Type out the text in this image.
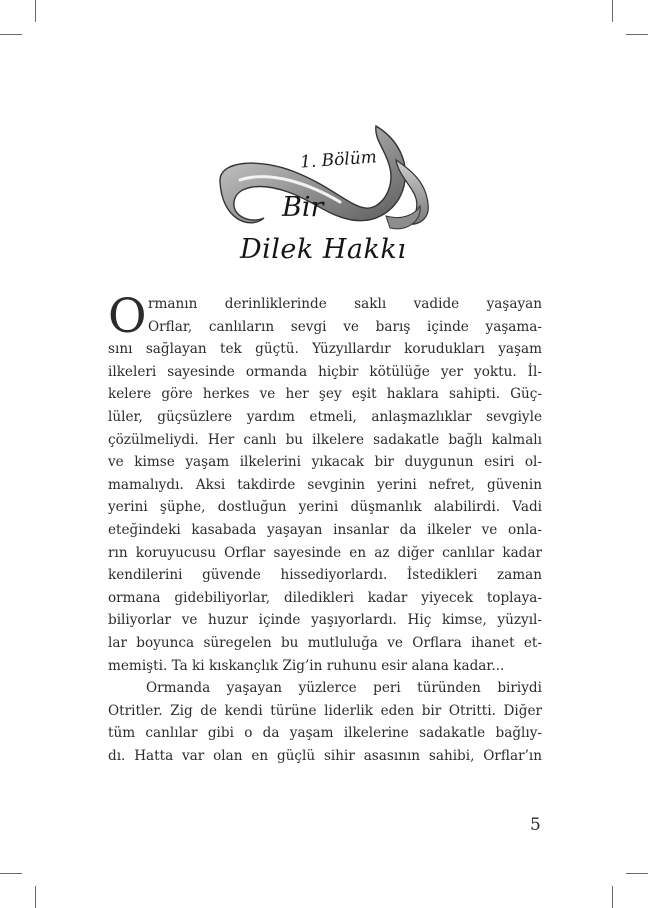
1. Bölüm
Bir
Dilek Hakkı
O rmanın derinliklerinde saklı vadide yaşayan
Orflar, canlıların sevgi ve barış içinde yaşama-
sını sağlayan tek güçtü. Yüzyıllardır korudukları yaşam
ilkeleri sayesinde ormanda hiçbir kötülüğe yer yoktu. İl-
kelere göre herkes ve her şey eşit haklara sahipti. Güç-
lüler, güçsüzlere yardım etmeli, anlaşmazlıklar sevgiyle
çözülmeliydi. Her canlı bu ilkelere sadakatle bağlı kalmalı
ve kimse yaşam ilkelerini yıkacak bir duygunun esiri ol-
mamalıydı. Aksi takdirde sevginin yerini nefret, güvenin
yerini şüphe, dostluğun yerini düşmanlık alabilirdi. Vadi
eteğindeki kasabada yaşayan insanlar da ilkeler ve onla-
rın koruyucusu Orflar sayesinde en az diğer canlılar kadar
kendilerini güvende hissediyorlardı. İstedikleri zaman
ormana gidebiliyorlar, diledikleri kadar yiyecek toplaya-
biliyorlar ve huzur içinde yaşıyorlardı. Hiç kimse, yüzyıl-
lar boyunca süregelen bu mutluluğa ve Orflara ihanet et-
memişti. Ta ki kıskançlık Zig’in ruhunu esir alana kadar...
Ormanda yaşayan yüzlerce peri türünden biriydi
Otritler. Zig de kendi türüne liderlik eden bir Otritti. Diğer
tüm canlılar gibi o da yaşam ilkelerine sadakatle bağlıy-
dı. Hatta var olan en güçlü sihir asasının sahibi, Orflar’ın
5
